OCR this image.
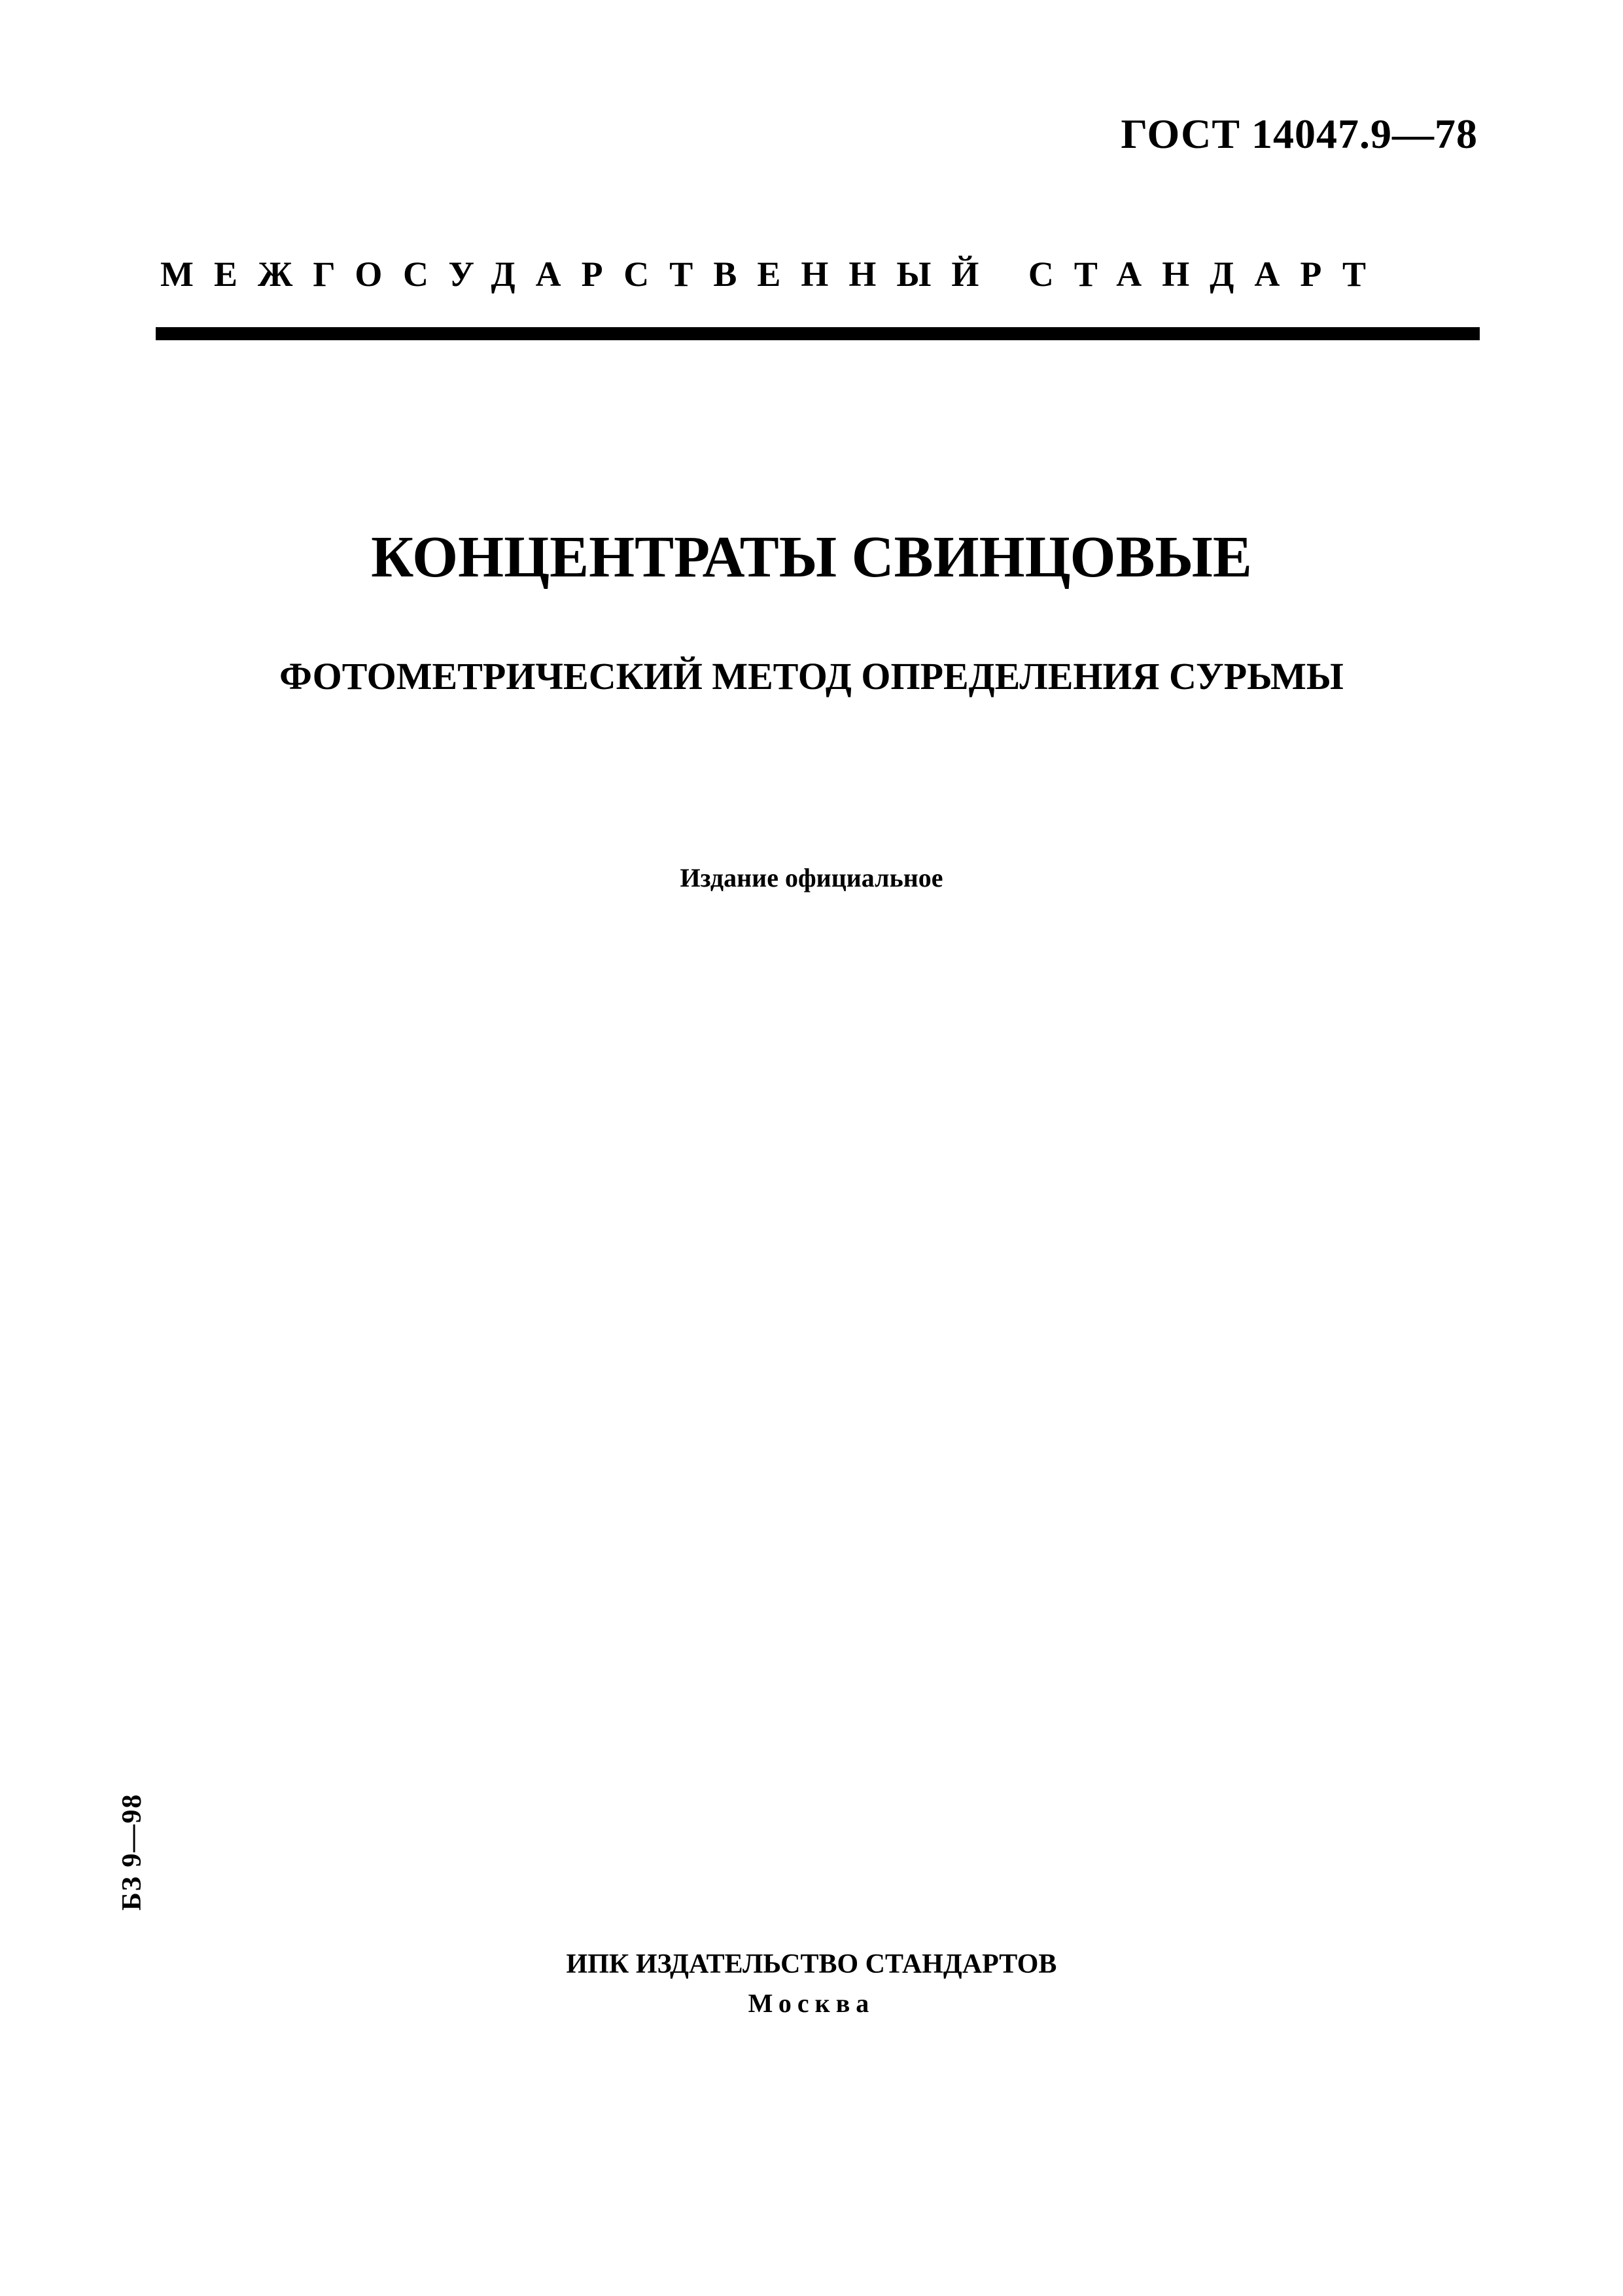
ГОСТ 14047.9—78
МЕЖГОСУДАРСТВЕННЫЙ СТАНДАРТ
КОНЦЕНТРАТЫ СВИНЦОВЫЕ
ФОТОМЕТРИЧЕСКИЙ МЕТОД ОПРЕДЕЛЕНИЯ СУРЬМЫ
Издание официальное
БЗ 9—98
ИПК ИЗДАТЕЛЬСТВО СТАНДАРТОВ
Москва
